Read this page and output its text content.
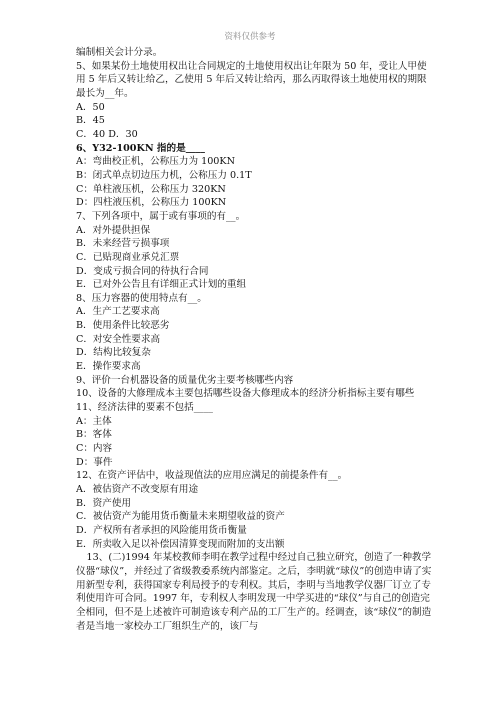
资料仅供参考
编制相关会计分录。
5、如果某份土地使用权出让合同规定的土地使用权出让年限为 50 年，受让人甲使用 5 年后又转让给乙，乙使用 5 年后又转让给丙，那么丙取得该土地使用权的期限最长为__年。
A．50
B．45
C．40 D．30
6、Y32-100KN 指的是____
A：弯曲校正机，公称压力为 100KN
B：闭式单点切边压力机，公称压力 0.1T
C：单柱液压机，公称压力 320KN
D：四柱液压机，公称压力 100KN
7、下列各项中，属于或有事项的有__。
A．对外提供担保
B．未来经营亏损事项
C．已贴现商业承兑汇票
D．变成亏损合同的待执行合同
E．已对外公告且有详细正式计划的重组
8、压力容器的使用特点有__。
A．生产工艺要求高
B．使用条件比较恶劣
C．对安全性要求高
D．结构比较复杂
E．操作要求高
9、评价一台机器设备的质量优劣主要考核哪些内容
10、设备的大修理成本主要包括哪些设备大修理成本的经济分析指标主要有哪些
11、经济法律的要素不包括____
A：主体
B：客体
C：内容
D：事件
12、在资产评估中，收益现值法的应用应满足的前提条件有__。
A．被估资产不改变原有用途
B．资产使用
C．被估资产为能用货币衡量未来期望收益的资产
D．产权所有者承担的风险能用货币衡量
E．所卖收入足以补偿因清算变现而附加的支出额
13、(二)1994 年某校教师李明在教学过程中经过自己独立研究，创造了一种教学仪器“球仪”，并经过了省级教委系统内部鉴定。之后，李明就“球仪”的创造申请了实用新型专利，获得国家专利局授予的专利权。其后，李明与当地教学仪器厂订立了专利使用许可合同。1997 年，专利权人李明发现一中学买进的“球仪”与自己的创造完全相同，但不是上述被许可制造该专利产品的工厂生产的。经调查，该“球仪”的制造者是当地一家校办工厂组织生产的，该厂与
